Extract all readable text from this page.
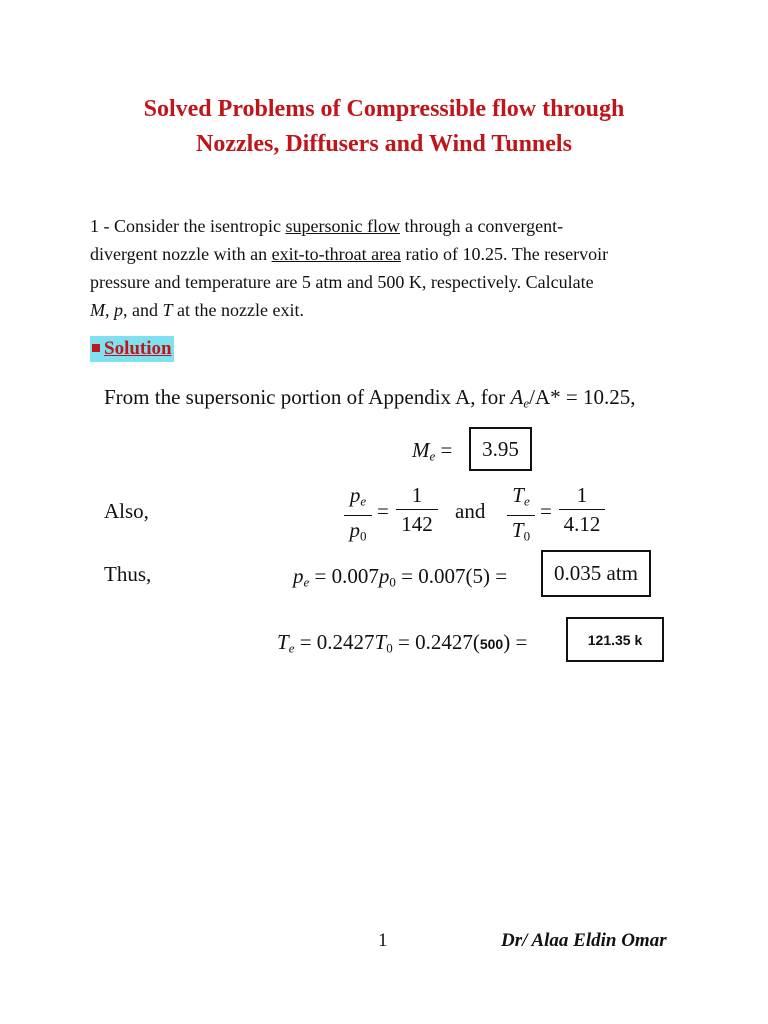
Solved Problems of Compressible flow through
Nozzles, Diffusers and Wind Tunnels
1 - Consider the isentropic supersonic flow through a convergent-
divergent nozzle with an exit-to-throat area ratio of 10.25. The reservoir
pressure and temperature are 5 atm and 500 K, respectively. Calculate
M, p, and T at the nozzle exit.
Solution
From the supersonic portion of Appendix A, for $A_e/A* = 10.25$,
$M_e$ =	3.95
Also,
$p_e$
$p_0$
=
1
142
and
$T_e$
$T_0$
=
1
4.12
Thus,	$p_e = 0.007p_0 = 0.007(5)$ =	0.035 atm
$T_e = 0.2427T_0 = 0.2427(500)$ =	121.35 k
1	Dr/ Alaa Eldin Omar
